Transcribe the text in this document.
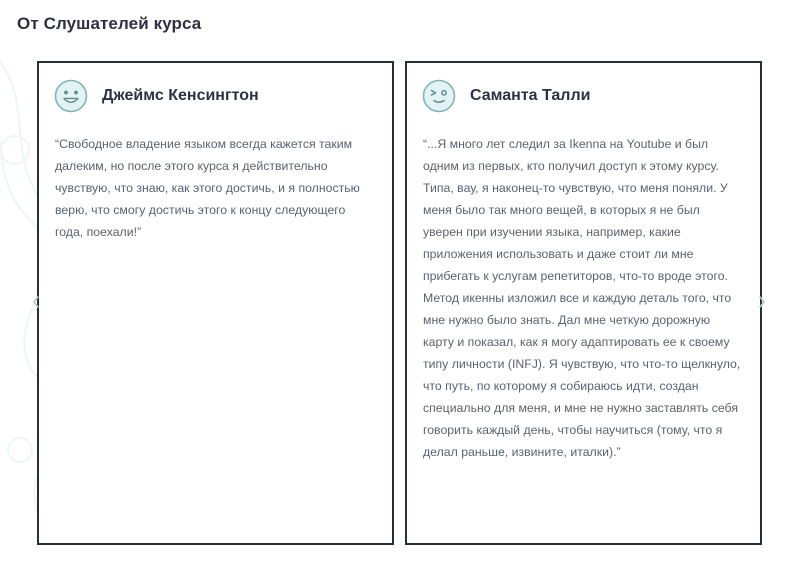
От Слушателей курса
Джеймс Кенсингтон

“Свободное владение языком всегда кажется таким далеким, но после этого курса я действительно чувствую, что знаю, как этого достичь, и я полностью верю, что смогу достичь этого к концу следующего года, поехали!”

Саманта Талли

“...Я много лет следил за Ikenna на Youtube и был одним из первых, кто получил доступ к этому курсу. Типа, вау, я наконец-то чувствую, что меня поняли. У меня было так много вещей, в которых я не был уверен при изучении языка, например, какие приложения использовать и даже стоит ли мне прибегать к услугам репетиторов, что-то вроде этого. Метод икенны изложил все и каждую деталь того, что мне нужно было знать. Дал мне четкую дорожную карту и показал, как я могу адаптировать ее к своему типу личности (INFJ). Я чувствую, что что-то щелкнуло, что путь, по которому я собираюсь идти, создан специально для меня, и мне не нужно заставлять себя говорить каждый день, чтобы научиться (тому, что я делал раньше, извините, италки).”
